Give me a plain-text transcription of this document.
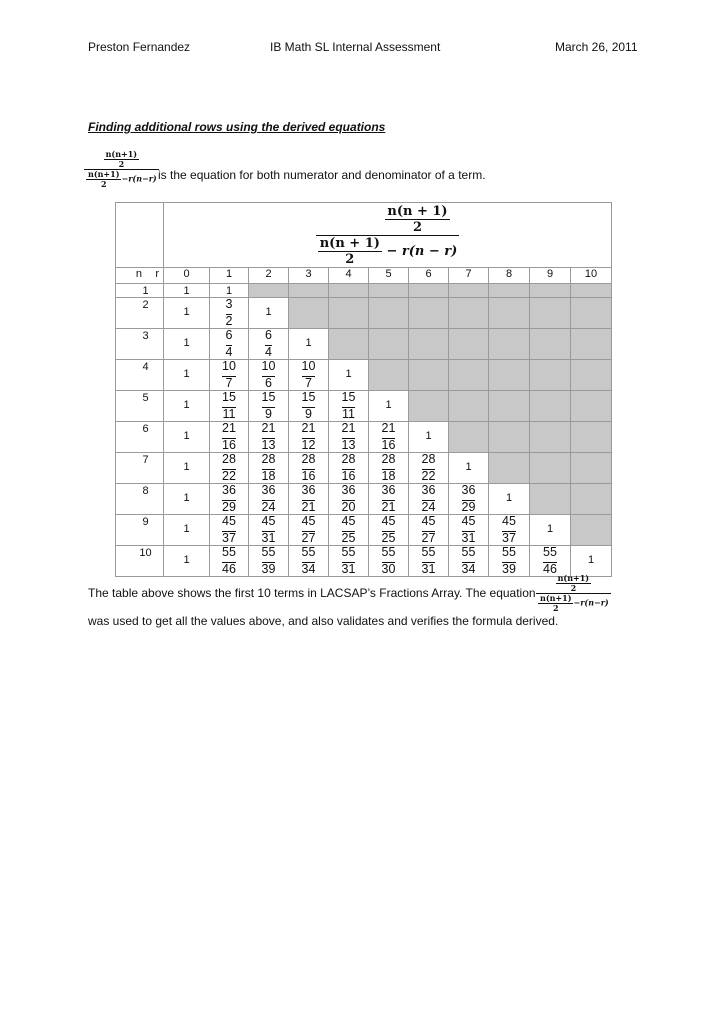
Preston Fernandez	IB Math SL Internal Assessment	March 26, 2011
Finding additional rows using the derived equations
$\frac{\frac{n(n+1)}{2}}{\frac{n(n+1)}{2} -r(n-r)}$ is the equation for both numerator and denominator of a term.

	$\frac{\frac{n(n + 1)}{2}}{\frac{n(n + 1)}{2} - r(n - r)}$

n r	0	1	2	3	4	5	6	7	8	9	10
1	1	1									
2	1	$\frac{3}{2}$	1								
3	1	$\frac{6}{4}$	$\frac{6}{4}$	1							
4	1	$\frac{10}{7}$	$\frac{10}{6}$	$\frac{10}{7}$	1						
5	1	$\frac{15}{11}$	$\frac{15}{9}$	$\frac{15}{9}$	$\frac{15}{11}$	1					
6	1	$\frac{21}{16}$	$\frac{21}{13}$	$\frac{21}{12}$	$\frac{21}{13}$	$\frac{21}{16}$	1				
7	1	$\frac{28}{22}$	$\frac{28}{18}$	$\frac{28}{16}$	$\frac{28}{16}$	$\frac{28}{18}$	$\frac{28}{22}$	1			
8	1	$\frac{36}{29}$	$\frac{36}{24}$	$\frac{36}{21}$	$\frac{36}{20}$	$\frac{36}{21}$	$\frac{36}{24}$	$\frac{36}{29}$	1		
9	1	$\frac{45}{37}$	$\frac{45}{31}$	$\frac{45}{27}$	$\frac{45}{25}$	$\frac{45}{25}$	$\frac{45}{27}$	$\frac{45}{31}$	$\frac{45}{37}$	1	
10	1	$\frac{55}{46}$	$\frac{55}{39}$	$\frac{55}{34}$	$\frac{55}{31}$	$\frac{55}{30}$	$\frac{55}{31}$	$\frac{55}{34}$	$\frac{55}{39}$	$\frac{55}{46}$	1
The table above shows the first 10 terms in LACSAP’s Fractions Array. The equation $\frac{\frac{n(n+1)}{2}}{\frac{n(n+1)}{2} -r(n-r)}$
was used to get all the values above, and also validates and verifies the formula derived.
